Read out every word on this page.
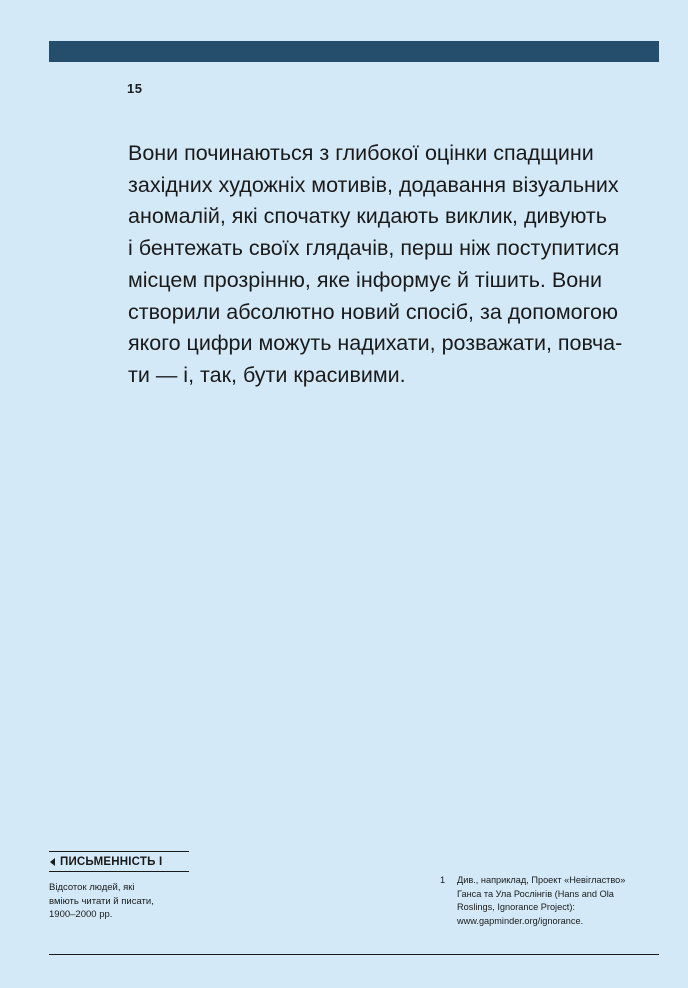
15

Вони починаються з глибокої оцінки спадщини
західних художніх мотивів, додавання візуальних
аномалій, які спочатку кидають виклик, дивують
і бентежать своїх глядачів, перш ніж поступитися
місцем прозрінню, яке інформує й тішить. Вони
створили абсолютно новий спосіб, за допомогою
якого цифри можуть надихати, розважати, повча-
ти — і, так, бути красивими.

ПИСЬМЕННІСТЬ І
Відсоток людей, які
вміють читати й писати,
1900–2000 рр.
1 Див., наприклад, Проект «Невігластво»
Ганса та Ула Рослінгів (Hans and Ola
Roslings, Ignorance Project):
www.gapminder.org/ignorance.
